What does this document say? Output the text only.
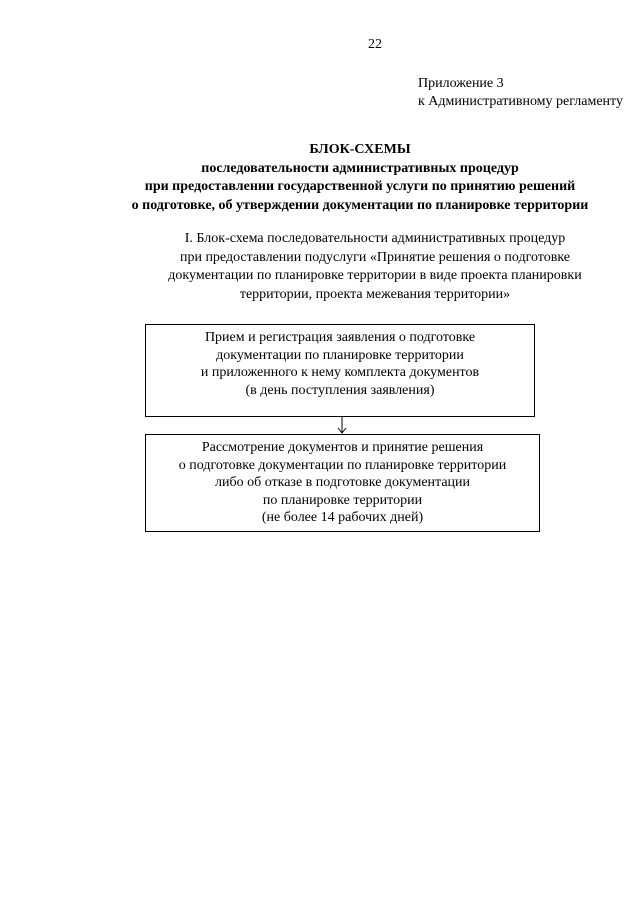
22
Приложение 3
к Административному регламенту
БЛОК-СХЕМЫ
последовательности административных процедур
при предоставлении государственной услуги по принятию решений
о подготовке, об утверждении документации по планировке территории
I. Блок-схема последовательности административных процедур
при предоставлении подуслуги «Принятие решения о подготовке
документации по планировке территории в виде проекта планировки
территории, проекта межевания территории»
Прием и регистрация заявления о подготовке
документации по планировке территории
и приложенного к нему комплекта документов
(в день поступления заявления)
Рассмотрение документов и принятие решения
о подготовке документации по планировке территории
либо об отказе в подготовке документации
по планировке территории
(не более 14 рабочих дней)
